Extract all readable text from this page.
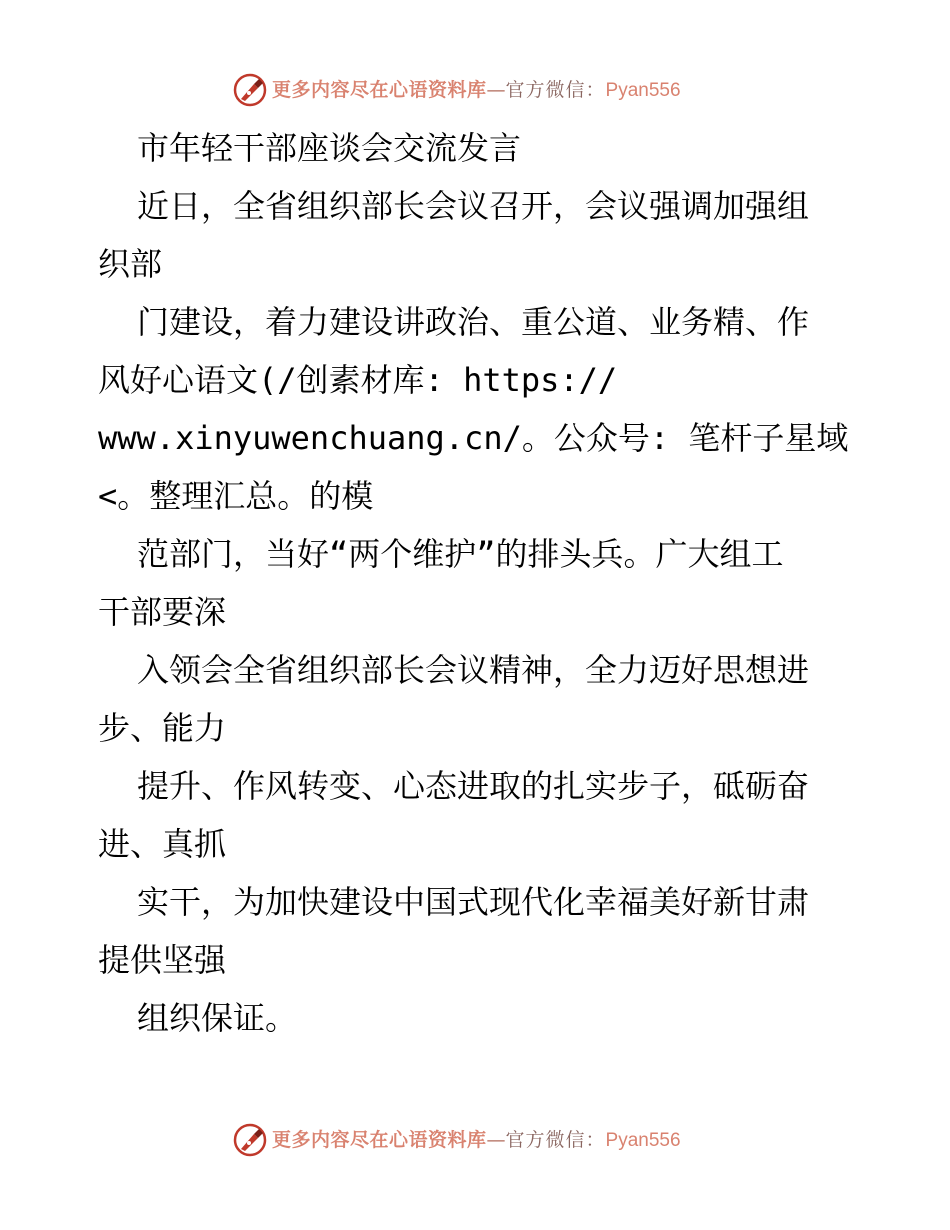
更多内容尽在心语资料库—官方微信：Pyan556
市年轻干部座谈会交流发言
近日，全省组织部长会议召开，会议强调加强组
织部
门建设，着力建设讲政治、重公道、业务精、作
风好心语文(/创素材库: https://
www.xinyuwenchuang.cn/。公众号: 笔杆子星域
<。整理汇总。的模
范部门，当好“两个维护”的排头兵。广大组工
干部要深
入领会全省组织部长会议精神，全力迈好思想进
步、能力
提升、作风转变、心态进取的扎实步子，砥砺奋
进、真抓
实干，为加快建设中国式现代化幸福美好新甘肃
提供坚强
组织保证。
更多内容尽在心语资料库—官方微信：Pyan556
